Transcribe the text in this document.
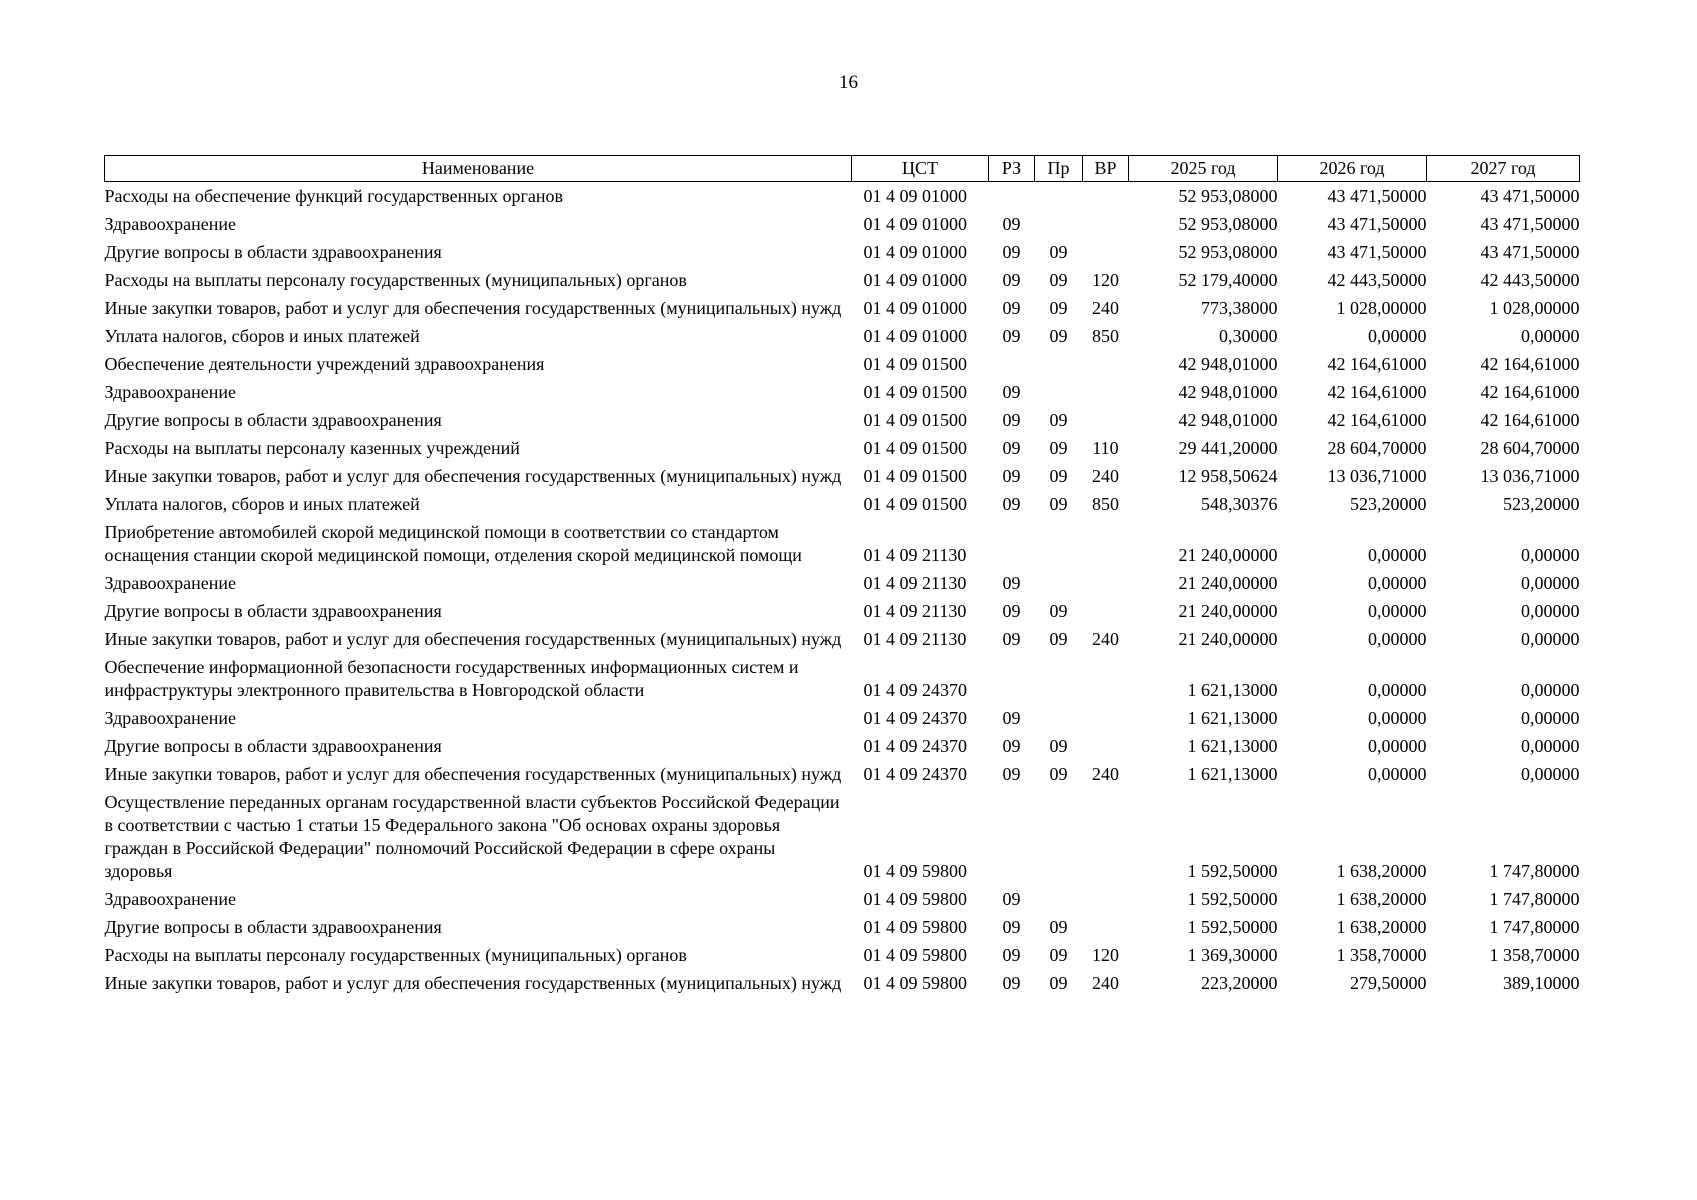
16
Наименование	ЦСТ	РЗ	Пр	ВР	2025 год	2026 год	2027 год
Расходы на обеспечение функций государственных органов	01 4 09 01000				52 953,08000	43 471,50000	43 471,50000
Здравоохранение	01 4 09 01000	09			52 953,08000	43 471,50000	43 471,50000
Другие вопросы в области здравоохранения	01 4 09 01000	09	09		52 953,08000	43 471,50000	43 471,50000
Расходы на выплаты персоналу государственных (муниципальных) органов	01 4 09 01000	09	09	120	52 179,40000	42 443,50000	42 443,50000
Иные закупки товаров, работ и услуг для обеспечения государственных (муниципальных) нужд	01 4 09 01000	09	09	240	773,38000	1 028,00000	1 028,00000
Уплата налогов, сборов и иных платежей	01 4 09 01000	09	09	850	0,30000	0,00000	0,00000
Обеспечение деятельности учреждений здравоохранения	01 4 09 01500				42 948,01000	42 164,61000	42 164,61000
Здравоохранение	01 4 09 01500	09			42 948,01000	42 164,61000	42 164,61000
Другие вопросы в области здравоохранения	01 4 09 01500	09	09		42 948,01000	42 164,61000	42 164,61000
Расходы на выплаты персоналу казенных учреждений	01 4 09 01500	09	09	110	29 441,20000	28 604,70000	28 604,70000
Иные закупки товаров, работ и услуг для обеспечения государственных (муниципальных) нужд	01 4 09 01500	09	09	240	12 958,50624	13 036,71000	13 036,71000
Уплата налогов, сборов и иных платежей	01 4 09 01500	09	09	850	548,30376	523,20000	523,20000
Приобретение автомобилей скорой медицинской помощи в соответствии со стандартом оснащения станции скорой медицинской помощи, отделения скорой медицинской помощи	01 4 09 21130				21 240,00000	0,00000	0,00000
Здравоохранение	01 4 09 21130	09			21 240,00000	0,00000	0,00000
Другие вопросы в области здравоохранения	01 4 09 21130	09	09		21 240,00000	0,00000	0,00000
Иные закупки товаров, работ и услуг для обеспечения государственных (муниципальных) нужд	01 4 09 21130	09	09	240	21 240,00000	0,00000	0,00000
Обеспечение информационной безопасности государственных информационных систем и инфраструктуры электронного правительства в Новгородской области	01 4 09 24370				1 621,13000	0,00000	0,00000
Здравоохранение	01 4 09 24370	09			1 621,13000	0,00000	0,00000
Другие вопросы в области здравоохранения	01 4 09 24370	09	09		1 621,13000	0,00000	0,00000
Иные закупки товаров, работ и услуг для обеспечения государственных (муниципальных) нужд	01 4 09 24370	09	09	240	1 621,13000	0,00000	0,00000
Осуществление переданных органам государственной власти субъектов Российской Федерации в соответствии с частью 1 статьи 15 Федерального закона "Об основах охраны здоровья граждан в Российской Федерации" полномочий Российской Федерации в сфере охраны здоровья	01 4 09 59800				1 592,50000	1 638,20000	1 747,80000
Здравоохранение	01 4 09 59800	09			1 592,50000	1 638,20000	1 747,80000
Другие вопросы в области здравоохранения	01 4 09 59800	09	09		1 592,50000	1 638,20000	1 747,80000
Расходы на выплаты персоналу государственных (муниципальных) органов	01 4 09 59800	09	09	120	1 369,30000	1 358,70000	1 358,70000
Иные закупки товаров, работ и услуг для обеспечения государственных (муниципальных) нужд	01 4 09 59800	09	09	240	223,20000	279,50000	389,10000
